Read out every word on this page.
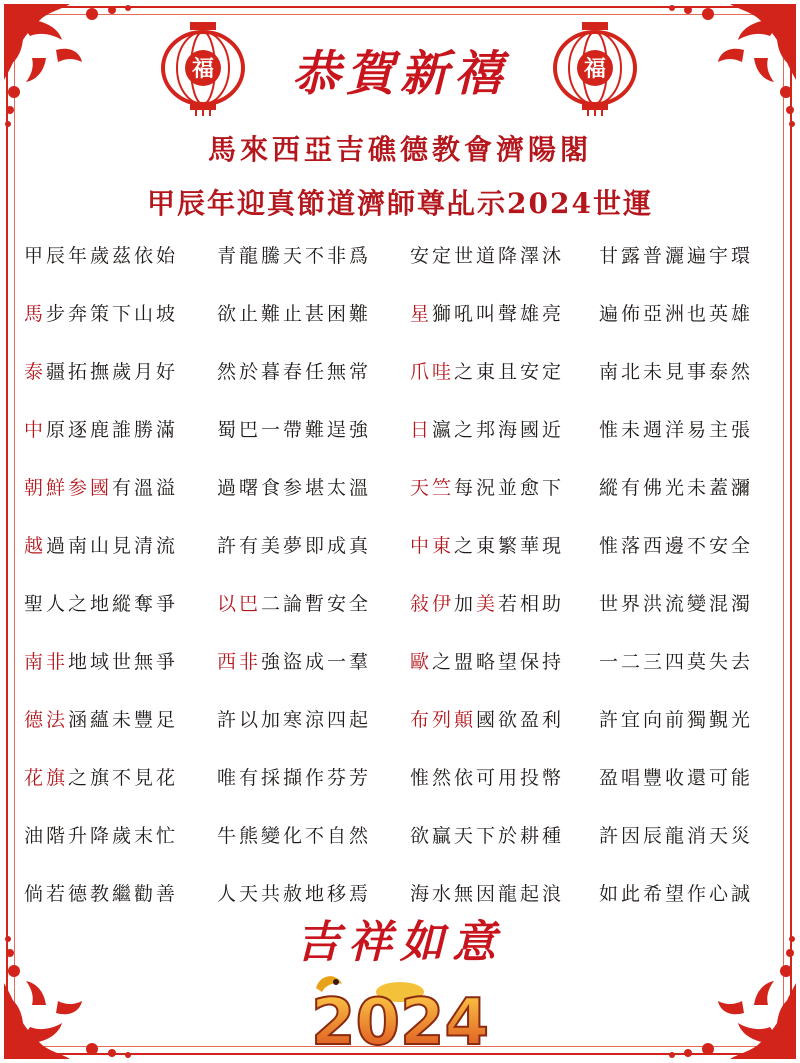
福	福
恭賀新禧
馬來西亞吉礁德教會濟陽閣
甲辰年迎真節道濟師尊乩示2024世運
甲辰年歲茲依始	青龍騰天不非爲	安定世道降澤沐	甘露普灑遍宇環
馬步奔策下山坡	欲止難止甚困難	星獅吼叫聲雄亮	遍佈亞洲也英雄
泰疆拓撫歲月好	然於暮春任無常	爪哇之東且安定	南北未見事泰然
中原逐鹿誰勝滿	蜀巴一帶難逞強	日瀛之邦海國近	惟未週洋易主張
朝鮮参國有溫溢	過曙食参堪太溫	天竺每況並愈下	縱有佛光未蓋瀰
越過南山見清流	許有美夢即成真	中東之東繁華現	惟落西邊不安全
聖人之地縱奪爭	以巴二論暫安全	敍伊加美若相助	世界洪流變混濁
南非地域世無爭	西非強盜成一羣	歐之盟略望保持	一二三四莫失去
德法涵蘊未豐足	許以加寒涼四起	布列顛國欲盈利	許宜向前獨覲光
花旗之旗不見花	唯有採擷作芬芳	惟然依可用投幣	盈唱豐收還可能
油階升降歲末忙	牛熊變化不自然	欲贏天下於耕種	許因辰龍消天災
倘若德教繼勸善	人天共赦地移焉	海水無因龍起浪	如此希望作心誠
吉祥如意
2024
